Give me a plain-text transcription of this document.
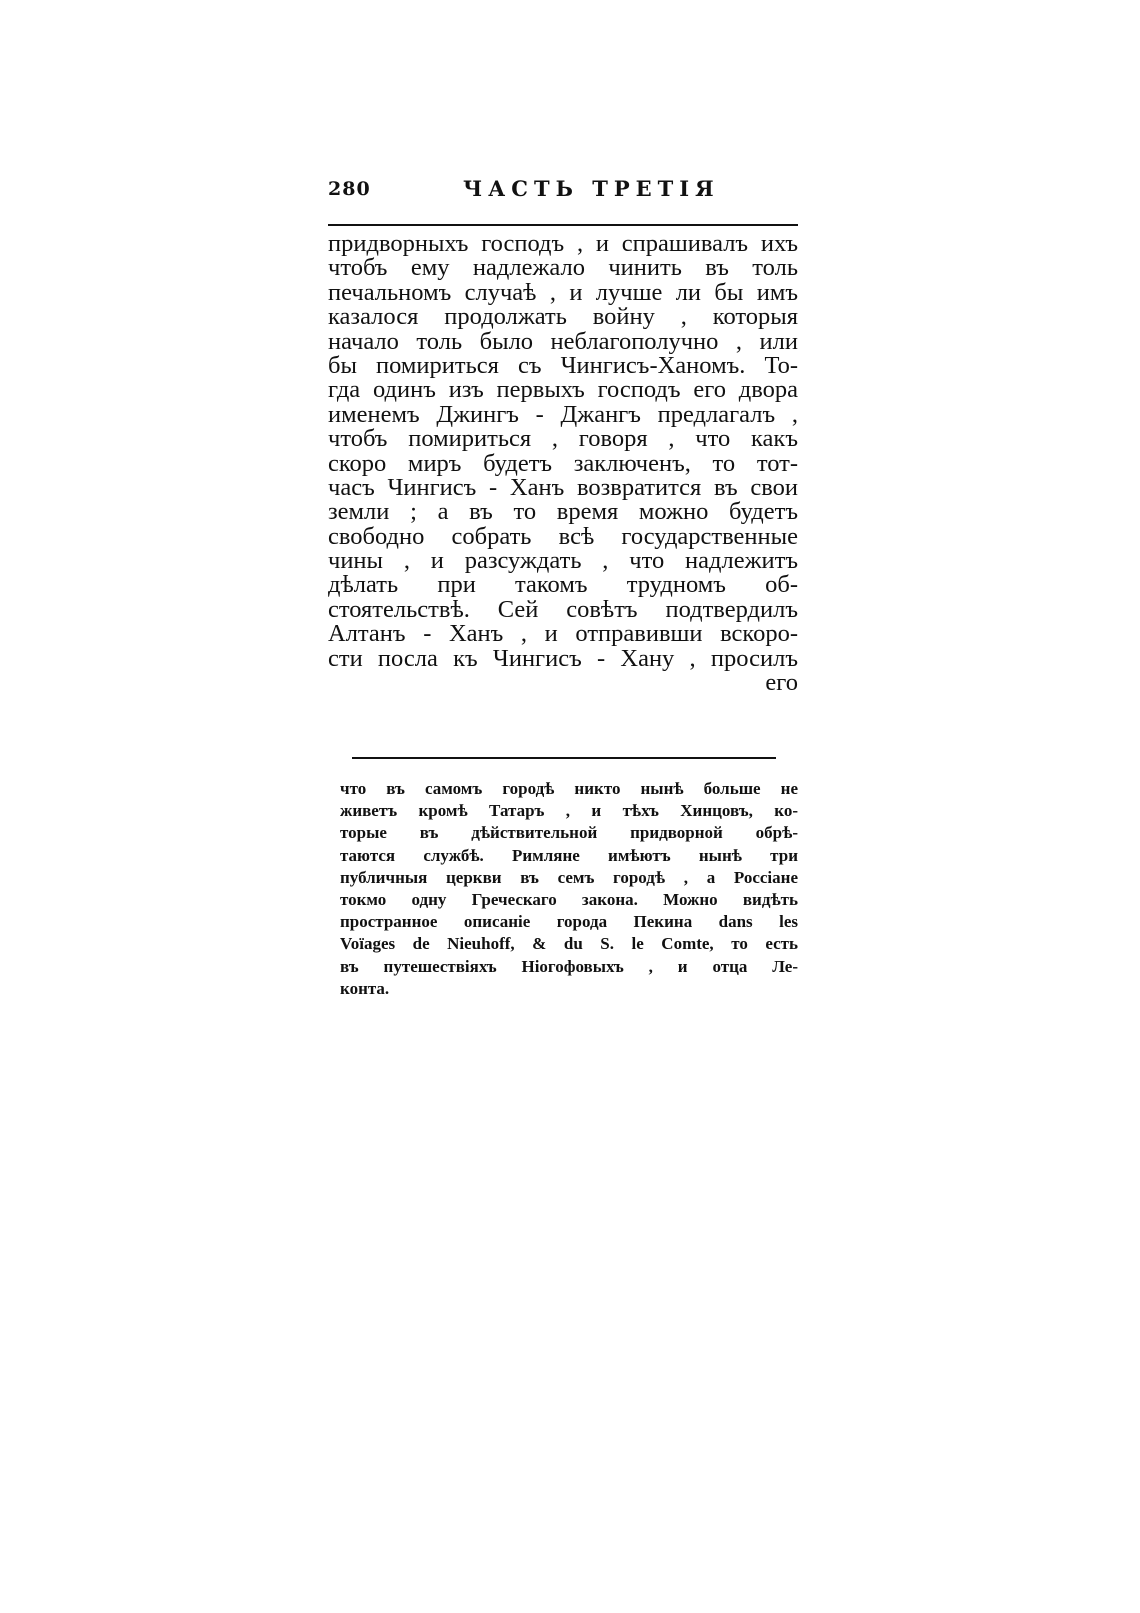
280	ЧАСТЬ ТРЕТІЯ
придворныхъ господъ , и спрашивалъ ихъ
чтобъ ему надлежало чинить въ толь
печальномъ случаѣ , и лучше ли бы имъ
казалося продолжать войну , которыя
начало толь было неблагополучно , или
бы помириться съ Чингисъ-Ханомъ. То-
гда одинъ изъ первыхъ господъ его двора
именемъ Джингъ - Джангъ предлагалъ ,
чтобъ помириться , говоря , что какъ
скоро миръ будетъ заключенъ, то тот-
часъ Чингисъ - Ханъ возвратится въ свои
земли ; а въ то время можно будетъ
свободно собрать всѣ государственные
чины , и разсуждать , что надлежитъ
дѣлать при такомъ трудномъ об-
стоятельствѣ. Сей совѣтъ подтвердилъ
Алтанъ - Ханъ , и отправивши вскоро-
сти посла къ Чингисъ - Хану , просилъ
его
что въ самомъ городѣ никто нынѣ больше не
живетъ кромѣ Татаръ , и тѣхъ Хинцовъ, ко-
торые въ дѣйствительной придворной обрѣ-
таются службѣ. Римляне имѣютъ нынѣ три
публичныя церкви въ семъ городѣ , а Россіане
токмо одну Греческаго закона. Можно видѣть
пространное описаніе города Пекина dans les
Voïages de Nieuhoff, & du S. le Comte, то есть
въ путешествіяхъ Ніогофовыхъ , и отца Ле-
конта.
